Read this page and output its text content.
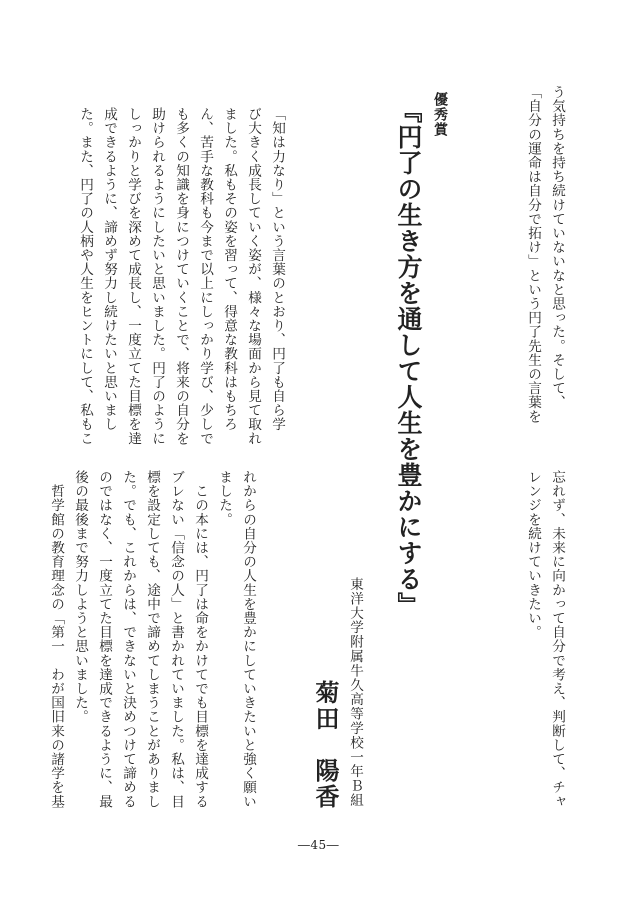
う気持ちを持ち続けていないなと思った。そして、
「自分の運命は自分で拓け」という円了先生の言葉を
忘れず、未来に向かって自分で考え、判断して、チャ
レンジを続けていきたい。
優秀賞
『円了の生き方を通して人生を豊かにする』
東洋大学附属牛久高等学校一年Ｂ組
菊田　陽香
「知は力なり」という言葉のとおり、円了も自ら学
び大きく成長していく姿が、様々な場面から見て取れ
ました。私もその姿を習って、得意な教科はもちろ
ん、苦手な教科も今まで以上にしっかり学び、少しで
も多くの知識を身につけていくことで、将来の自分を
助けられるようにしたいと思いました。円了のように
しっかりと学びを深めて成長し、一度立てた目標を達
成できるように、諦めず努力し続けたいと思いまし
た。また、円了の人柄や人生をヒントにして、私もこ
れからの自分の人生を豊かにしていきたいと強く願い
ました。
　この本には、円了は命をかけてでも目標を達成する
ブレない「信念の人」と書かれていました。私は、目
標を設定しても、途中で諦めてしまうことがありまし
た。でも、これからは、できないと決めつけて諦める
のではなく、一度立てた目標を達成できるように、最
後の最後まで努力しようと思いました。
　哲学館の教育理念の「第一　わが国旧来の諸学を基
―45―
